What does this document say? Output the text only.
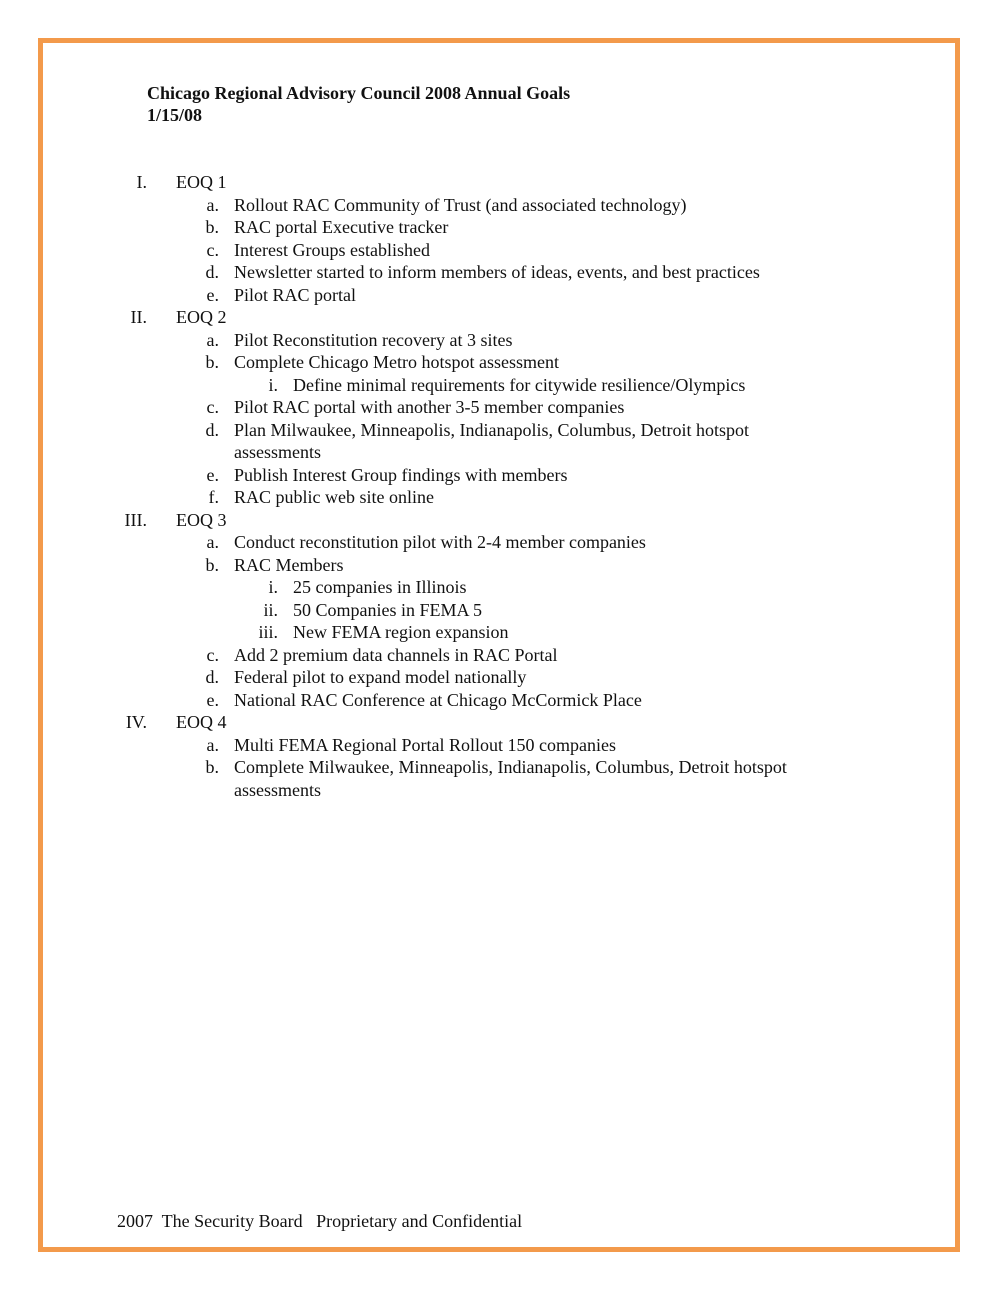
Chicago Regional Advisory Council 2008 Annual Goals
1/15/08
I. EOQ 1
a. Rollout RAC Community of Trust (and associated technology)
b. RAC portal Executive tracker
c. Interest Groups established
d. Newsletter started to inform members of ideas, events, and best practices
e. Pilot RAC portal
II. EOQ 2
a. Pilot Reconstitution recovery at 3 sites
b. Complete Chicago Metro hotspot assessment
i. Define minimal requirements for citywide resilience/Olympics
c. Pilot RAC portal with another 3-5 member companies
d. Plan Milwaukee, Minneapolis, Indianapolis, Columbus, Detroit hotspot assessments
e. Publish Interest Group findings with members
f. RAC public web site online
III. EOQ 3
a. Conduct reconstitution pilot with 2-4 member companies
b. RAC Members
i. 25 companies in Illinois
ii. 50 Companies in FEMA 5
iii. New FEMA region expansion
c. Add 2 premium data channels in RAC Portal
d. Federal pilot to expand model nationally
e. National RAC Conference at Chicago McCormick Place
IV. EOQ 4
a. Multi FEMA Regional Portal Rollout 150 companies
b. Complete Milwaukee, Minneapolis, Indianapolis, Columbus, Detroit hotspot assessments
2007  The Security Board   Proprietary and Confidential
